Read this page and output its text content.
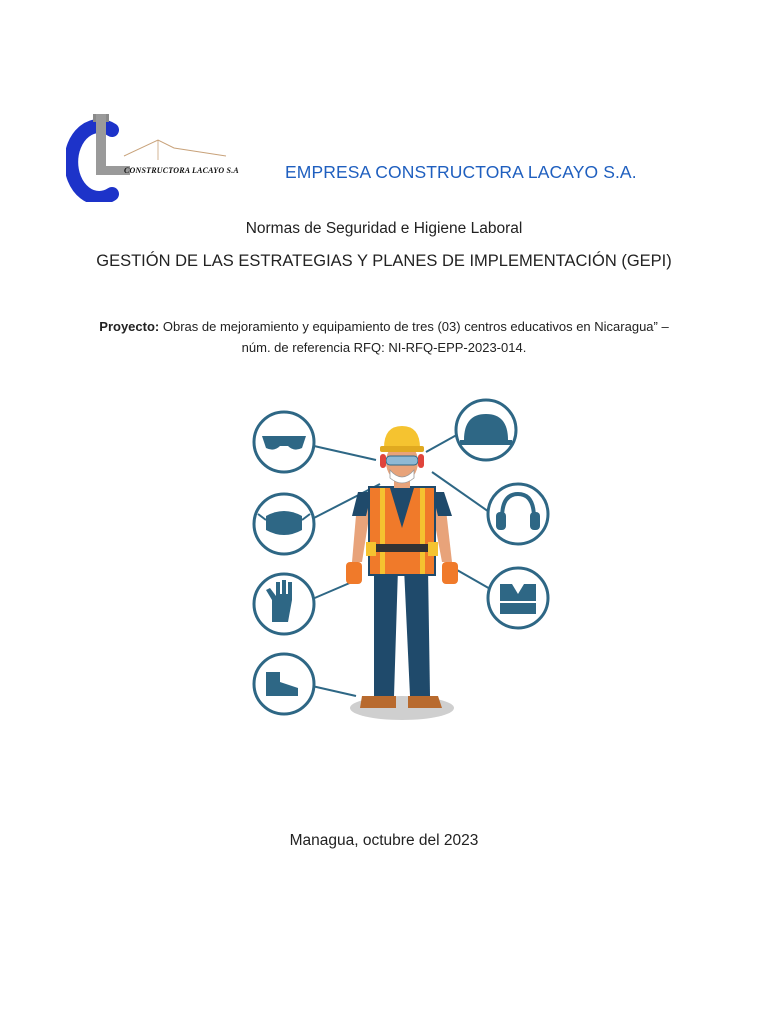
CONSTRUCTORA LACAYO S.A	EMPRESA CONSTRUCTORA LACAYO S.A.
Normas de Seguridad e Higiene Laboral
GESTIÓN DE LAS ESTRATEGIAS Y PLANES DE IMPLEMENTACIÓN (GEPI)
Proyecto: Obras de mejoramiento y equipamiento de tres (03) centros educativos en Nicaragua” –
núm. de referencia RFQ: NI-RFQ-EPP-2023-014.
Managua, octubre del 2023
